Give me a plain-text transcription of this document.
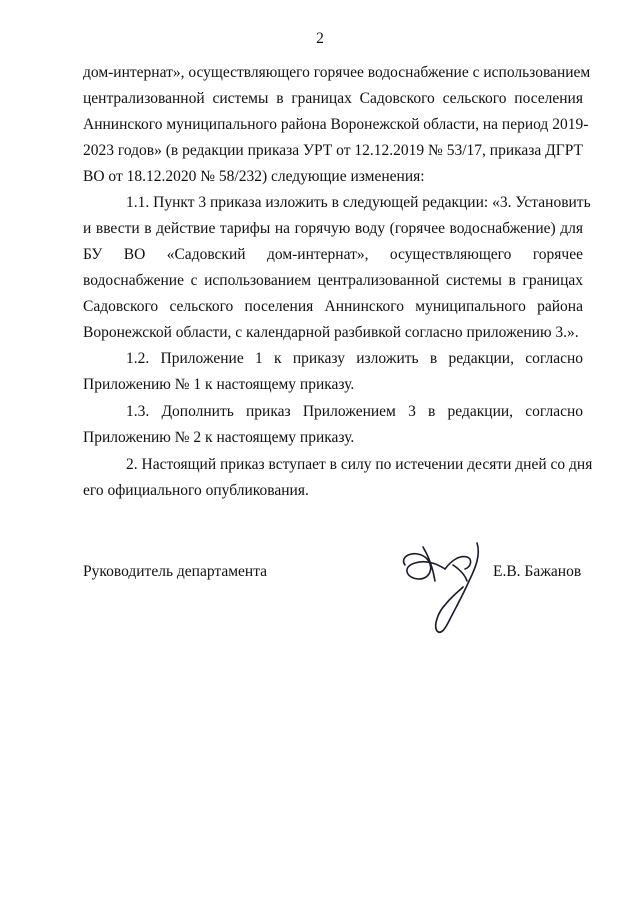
2
дом-интернат», осуществляющего горячее водоснабжение с использованием
централизованной системы в границах Садовского сельского поселения
Аннинского муниципального района Воронежской области, на период 2019-
2023 годов» (в редакции приказа УРТ от 12.12.2019 № 53/17, приказа ДГРТ
ВО от 18.12.2020 № 58/232) следующие изменения:
1.1. Пункт 3 приказа изложить в следующей редакции: «3. Установить
и ввести в действие тарифы на горячую воду (горячее водоснабжение) для
БУ ВО «Садовский дом-интернат», осуществляющего горячее
водоснабжение с использованием централизованной системы в границах
Садовского сельского поселения Аннинского муниципального района
Воронежской области, с календарной разбивкой согласно приложению 3.».
1.2. Приложение 1 к приказу изложить в редакции, согласно
Приложению № 1 к настоящему приказу.
1.3. Дополнить приказ Приложением 3 в редакции, согласно
Приложению № 2 к настоящему приказу.
2. Настоящий приказ вступает в силу по истечении десяти дней со дня
его официального опубликования.
Руководитель департамента	Е.В. Бажанов
